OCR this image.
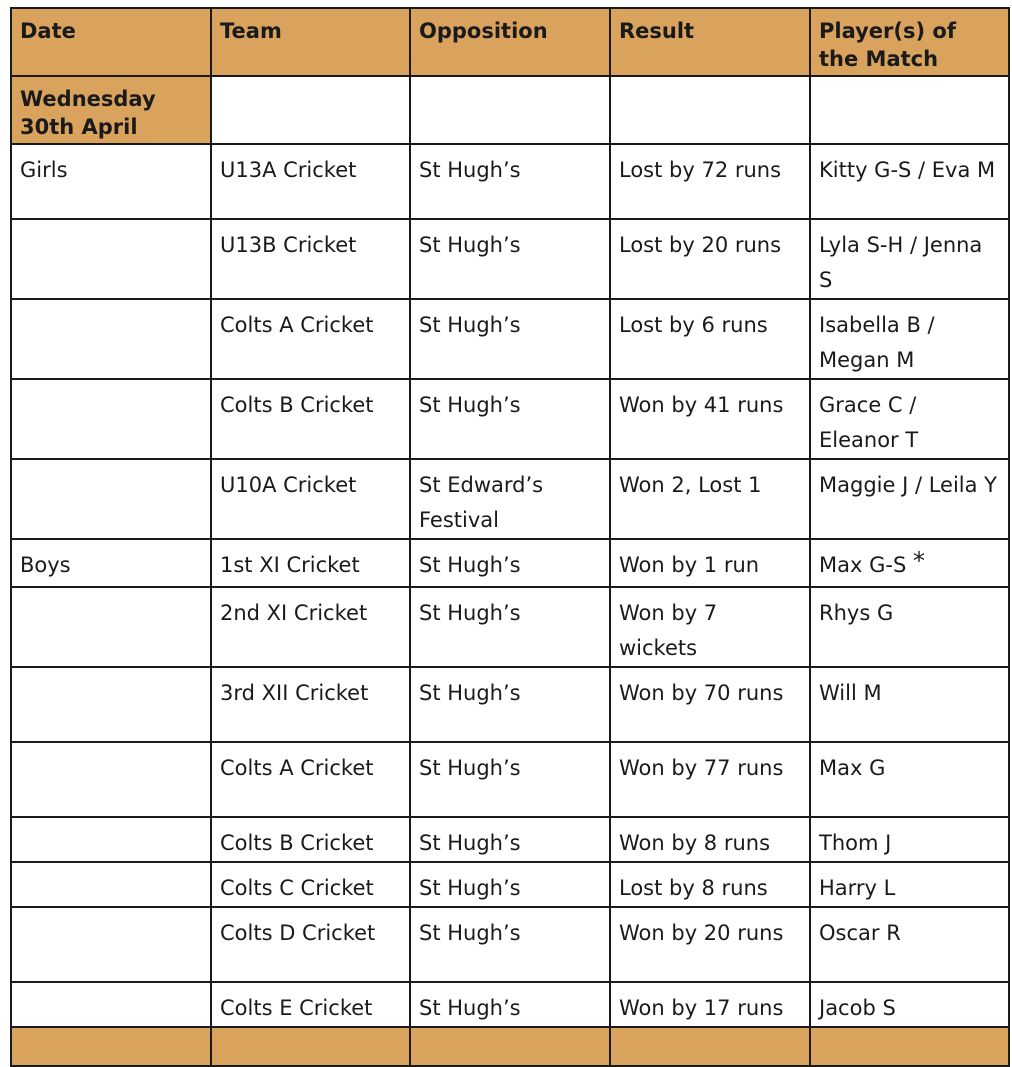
Date	Team	Opposition	Result	Player(s) of the Match
Wednesday 30th April				
Girls	U13A Cricket	St Hugh’s	Lost by 72 runs	Kitty G-S / Eva M
	U13B Cricket	St Hugh’s	Lost by 20 runs	Lyla S-H / Jenna S
	Colts A Cricket	St Hugh’s	Lost by 6 runs	Isabella B / Megan M
	Colts B Cricket	St Hugh’s	Won by 41 runs	Grace C / Eleanor T
	U10A Cricket	St Edward’s Festival	Won 2, Lost 1	Maggie J / Leila Y
Boys	1st XI Cricket	St Hugh’s	Won by 1 run	Max G-S *
	2nd XI Cricket	St Hugh’s	Won by 7 wickets	Rhys G
	3rd XII Cricket	St Hugh’s	Won by 70 runs	Will M
	Colts A Cricket	St Hugh’s	Won by 77 runs	Max G
	Colts B Cricket	St Hugh’s	Won by 8 runs	Thom J
	Colts C Cricket	St Hugh’s	Lost by 8 runs	Harry L
	Colts D Cricket	St Hugh’s	Won by 20 runs	Oscar R
	Colts E Cricket	St Hugh’s	Won by 17 runs	Jacob S
